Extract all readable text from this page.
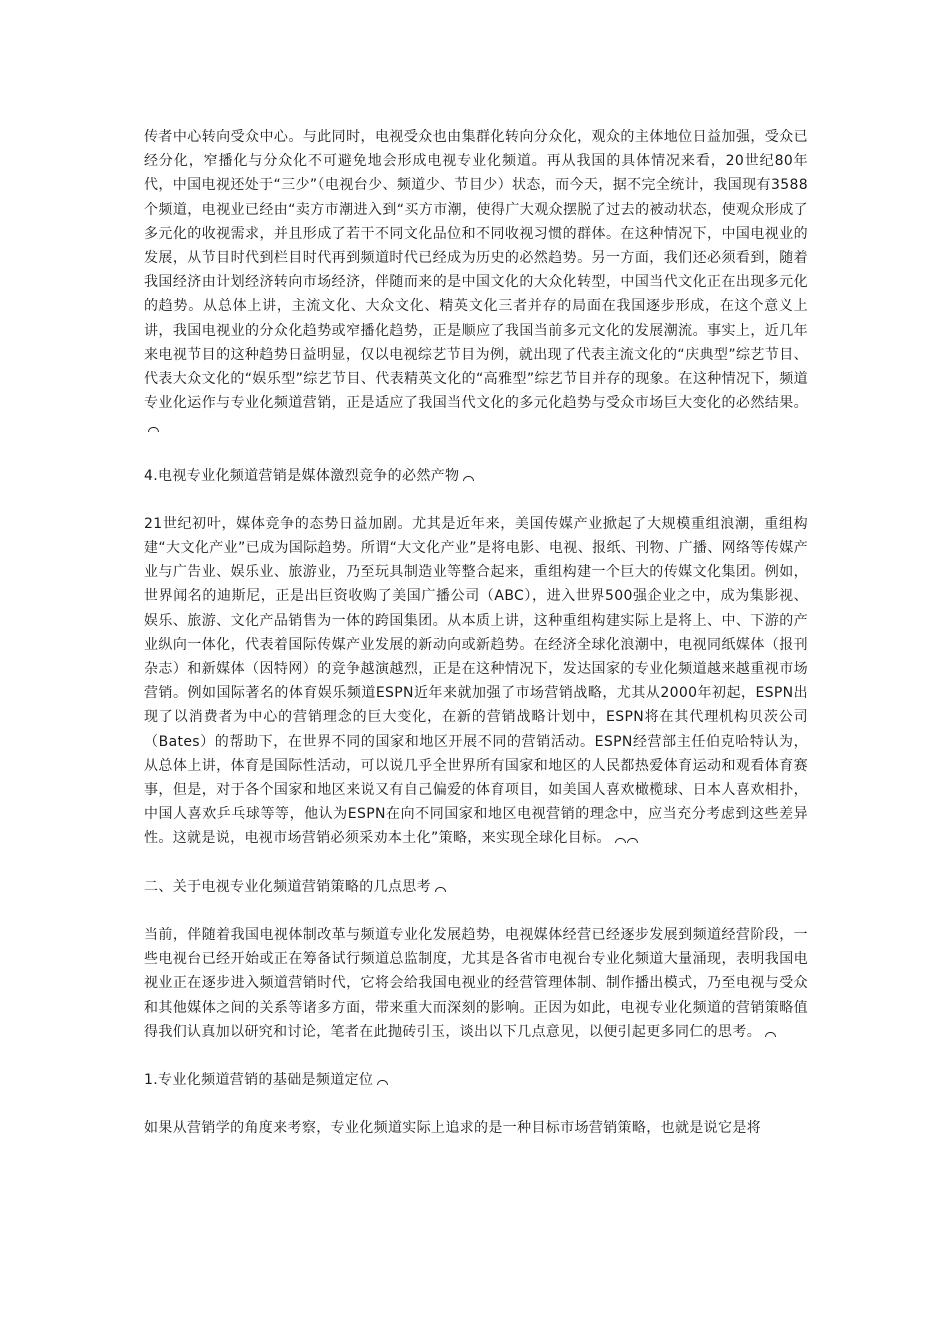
传者中心转向受众中心。与此同时，电视受众也由集群化转向分众化，观众的主体地位日益加强，受众已经分化，窄播化与分众化不可避免地会形成电视专业化频道。再从我国的具体情况来看，20世纪80年代，中国电视还处于“三少”（电视台少、频道少、节目少）状态，而今天，据不完全统计，我国现有3588个频道，电视业已经由“卖方市潮进入到“买方市潮，使得广大观众摆脱了过去的被动状态，使观众形成了多元化的收视需求，并且形成了若干不同文化品位和不同收视习惯的群体。在这种情况下，中国电视业的发展，从节目时代到栏目时代再到频道时代已经成为历史的必然趋势。另一方面，我们还必须看到，随着我国经济由计划经济转向市场经济，伴随而来的是中国文化的大众化转型，中国当代文化正在出现多元化的趋势。从总体上讲，主流文化、大众文化、精英文化三者并存的局面在我国逐步形成，在这个意义上讲，我国电视业的分众化趋势或窄播化趋势，正是顺应了我国当前多元文化的发展潮流。事实上，近几年来电视节目的这种趋势日益明显，仅以电视综艺节目为例，就出现了代表主流文化的“庆典型”综艺节目、代表大众文化的“娱乐型”综艺节目、代表精英文化的“高雅型”综艺节目并存的现象。在这种情况下，频道专业化运作与专业化频道营销，正是适应了我国当代文化的多元化趋势与受众市场巨大变化的必然结果。

4.电视专业化频道营销是媒体激烈竞争的必然产物

21世纪初叶，媒体竞争的态势日益加剧。尤其是近年来，美国传媒产业掀起了大规模重组浪潮，重组构建“大文化产业”已成为国际趋势。所谓“大文化产业”是将电影、电视、报纸、刊物、广播、网络等传媒产业与广告业、娱乐业、旅游业，乃至玩具制造业等整合起来，重组构建一个巨大的传媒文化集团。例如，世界闻名的迪斯尼，正是出巨资收购了美国广播公司（ABC），进入世界500强企业之中，成为集影视、娱乐、旅游、文化产品销售为一体的跨国集团。从本质上讲，这种重组构建实际上是将上、中、下游的产业纵向一体化，代表着国际传媒产业发展的新动向或新趋势。在经济全球化浪潮中，电视同纸媒体（报刊杂志）和新媒体（因特网）的竞争越演越烈，正是在这种情况下，发达国家的专业化频道越来越重视市场营销。例如国际著名的体育娱乐频道ESPN近年来就加强了市场营销战略，尤其从2000年初起，ESPN出现了以消费者为中心的营销理念的巨大变化，在新的营销战略计划中，ESPN将在其代理机构贝茨公司（Bates）的帮助下，在世界不同的国家和地区开展不同的营销活动。ESPN经营部主任伯克哈特认为，从总体上讲，体育是国际性活动，可以说几乎全世界所有国家和地区的人民都热爱体育运动和观看体育赛事，但是，对于各个国家和地区来说又有自己偏爱的体育项目，如美国人喜欢橄榄球、日本人喜欢相扑，中国人喜欢乒乓球等等，他认为ESPN在向不同国家和地区电视营销的理念中，应当充分考虑到这些差异性。这就是说，电视市场营销必须采劝本土化”策略，来实现全球化目标。

二、关于电视专业化频道营销策略的几点思考

当前，伴随着我国电视体制改革与频道专业化发展趋势，电视媒体经营已经逐步发展到频道经营阶段，一些电视台已经开始或正在筹备试行频道总监制度，尤其是各省市电视台专业化频道大量涌现，表明我国电视业正在逐步进入频道营销时代，它将会给我国电视业的经营管理体制、制作播出模式，乃至电视与受众和其他媒体之间的关系等诸多方面，带来重大而深刻的影响。正因为如此，电视专业化频道的营销策略值得我们认真加以研究和讨论，笔者在此抛砖引玉，谈出以下几点意见，以便引起更多同仁的思考。

1.专业化频道营销的基础是频道定位

如果从营销学的角度来考察，专业化频道实际上追求的是一种目标市场营销策略，也就是说它是将
